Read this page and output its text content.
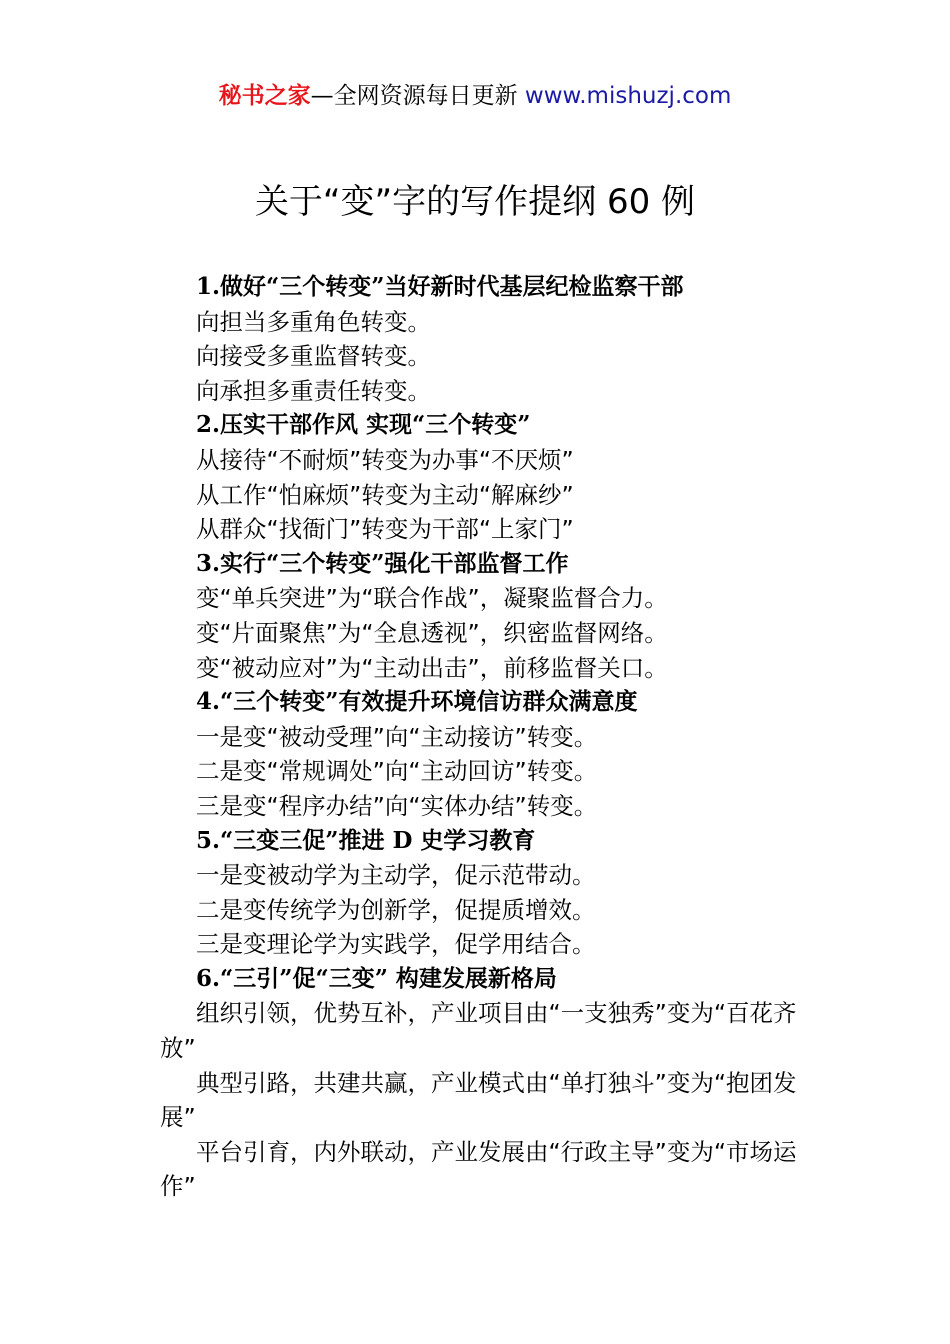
秘书之家—全网资源每日更新 www.mishuzj.com
关于“变”字的写作提纲 60 例
1.做好“三个转变”当好新时代基层纪检监察干部
向担当多重角色转变。
向接受多重监督转变。
向承担多重责任转变。
2.压实干部作风 实现“三个转变”
从接待“不耐烦”转变为办事“不厌烦”
从工作“怕麻烦”转变为主动“解麻纱”
从群众“找衙门”转变为干部“上家门”
3.实行“三个转变”强化干部监督工作
变“单兵突进”为“联合作战”，凝聚监督合力。
变“片面聚焦”为“全息透视”，织密监督网络。
变“被动应对”为“主动出击”，前移监督关口。
4.“三个转变”有效提升环境信访群众满意度
一是变“被动受理”向“主动接访”转变。
二是变“常规调处”向“主动回访”转变。
三是变“程序办结”向“实体办结”转变。
5.“三变三促”推进 D 史学习教育
一是变被动学为主动学，促示范带动。
二是变传统学为创新学，促提质增效。
三是变理论学为实践学，促学用结合。
6.“三引”促“三变” 构建发展新格局

组织引领，优势互补，产业项目由“一支独秀”变为“百花齐放”

典型引路，共建共赢，产业模式由“单打独斗”变为“抱团发展”

平台引育，内外联动，产业发展由“行政主导”变为“市场运作”
